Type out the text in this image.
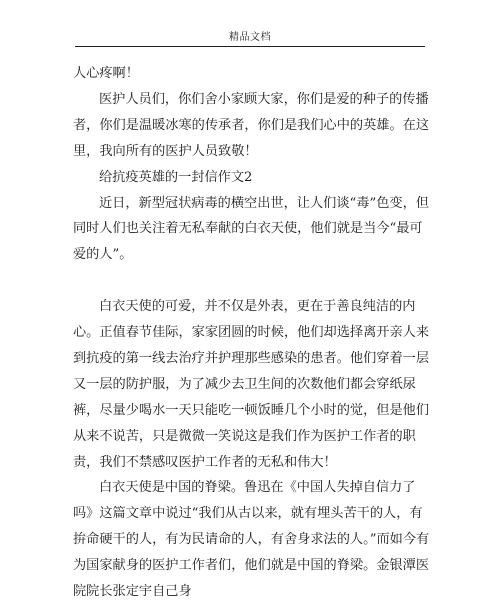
精品文档

人心疼啊！

医护人员们，你们舍小家顾大家，你们是爱的种子的传播者，你们是温暖冰寒的传承者，你们是我们心中的英雄。在这里，我向所有的医护人员致敬！

给抗疫英雄的一封信作文2

近日，新型冠状病毒的横空出世，让人们谈“毒”色变，但同时人们也关注着无私奉献的白衣天使，他们就是当今“最可爱的人”。

白衣天使的可爱，并不仅是外表，更在于善良纯洁的内心。正值春节佳际，家家团圆的时候，他们却选择离开亲人来到抗疫的第一线去治疗并护理那些感染的患者。他们穿着一层又一层的防护服，为了减少去卫生间的次数他们都会穿纸尿裤，尽量少喝水一天只能吃一顿饭睡几个小时的觉，但是他们从来不说苦，只是微微一笑说这是我们作为医护工作者的职责，我们不禁感叹医护工作者的无私和伟大！

白衣天使是中国的脊梁。鲁迅在《中国人失掉自信力了吗》这篇文章中说过“我们从古以来，就有埋头苦干的人，有拚命硬干的人，有为民请命的人，有舍身求法的人。”而如今有为国家献身的医护工作者们，他们就是中国的脊梁。金银潭医院院长张定宇自己身
